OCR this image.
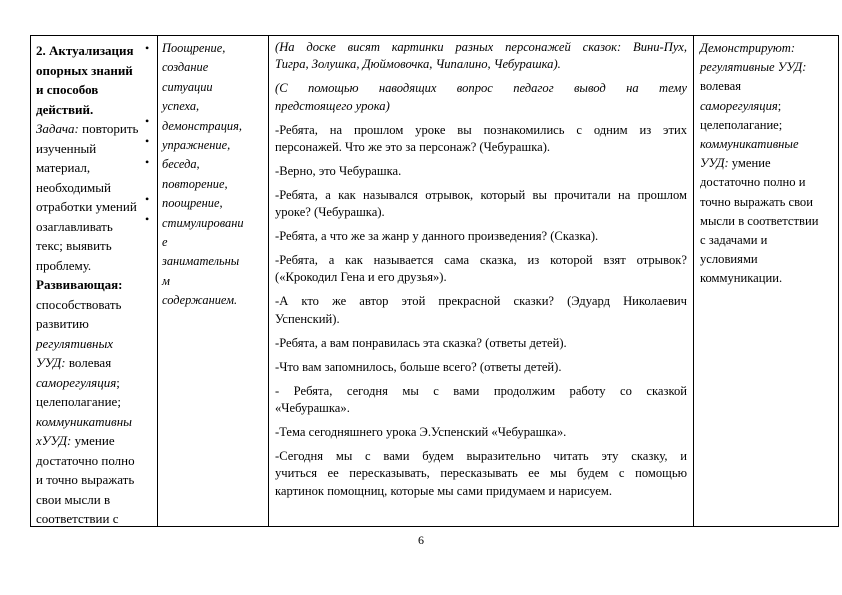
2. Актуализация
опорных знаний
и способов
действий.
Задача: повторить
изученный
материал,
необходимый
отработки умений
озаглавливать
текс; выявить
проблему.
Развивающая:
способствовать
развитию
регулятивных
УУД: волевая
саморегуляция;
целеполагание;
коммуникативны
хУУД: умение
достаточно полно
и точно выражать
свои мысли в
соответствии с
Поощрение,
создание
ситуации
успеха,
демонстрация,
упражнение,
беседа,
повторение,
поощрение,
стимулировани
е
занимательны
м
содержанием.

(На доске висят картинки разных персонажей сказок: Вини-Пух,
Тигра, Золушка, Дюймовочка, Чипалино, Чебурашка).

(С помощью наводящих вопрос педагог вывод на тему
предстоящего урока)

-Ребята, на прошлом уроке вы познакомились с одним из этих
персонажей. Что же это за персонаж? (Чебурашка).

-Верно, это Чебурашка.

-Ребята, а как назывался отрывок, который вы прочитали на прошлом
уроке? (Чебурашка).

-Ребята, а что же за жанр у данного произведения? (Сказка).

-Ребята, а как называется сама сказка, из которой взят отрывок?
(«Крокодил Гена и его друзья»).

-А кто же автор этой прекрасной сказки? (Эдуард Николаевич
Успенский).

-Ребята, а вам понравилась эта сказка? (ответы детей).

-Что вам запомнилось, больше всего? (ответы детей).

- Ребята, сегодня мы с вами продолжим работу со сказкой
«Чебурашка».

-Тема сегодняшнего урока Э.Успенский «Чебурашка».

-Сегодня мы с вами будем выразительно читать эту сказку, и
учиться ее пересказывать, пересказывать ее мы будем с помощью
картинок помощниц, которые мы сами придумаем и нарисуем.

Демонстрируют:
регулятивные УУД:
волевая
саморегуляция;
целеполагание;
коммуникативные
УУД: умение
достаточно полно и
точно выражать свои
мысли в соответствии
с задачами и
условиями
коммуникации.
•
•
•
•
•
•
6
